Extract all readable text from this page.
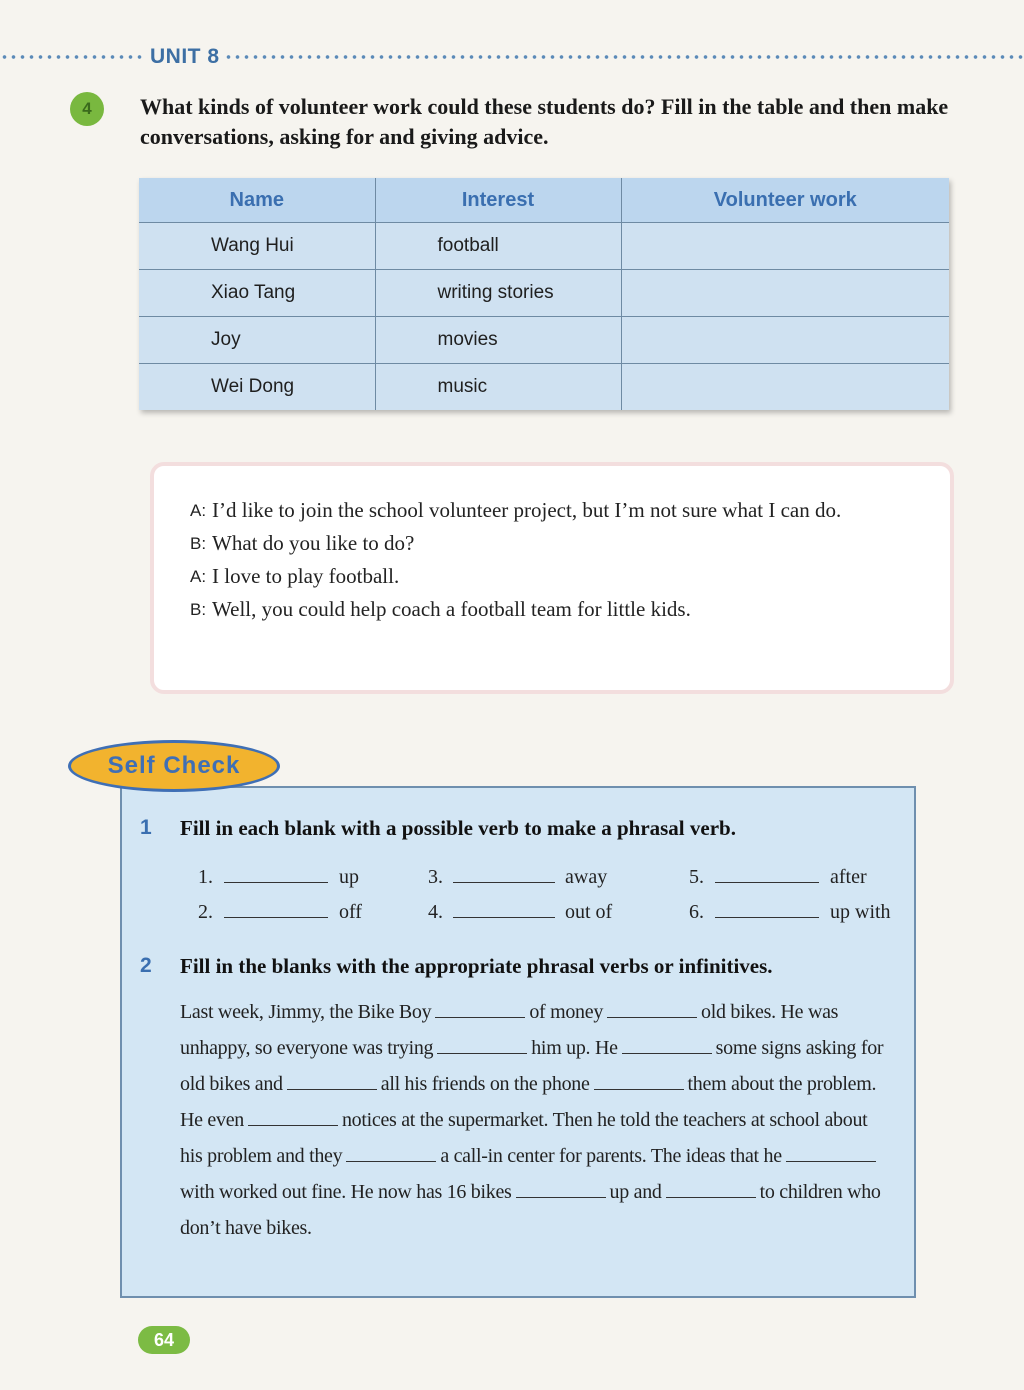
UNIT 8
4	What kinds of volunteer work could these students do? Fill in the table and then make conversations, asking for and giving advice.
Name	Interest	Volunteer work
Wang Hui	football	
Xiao Tang	writing stories	
Joy	movies	
Wei Dong	music	
A: I’d like to join the school volunteer project, but I’m not sure what I can do.
B: What do you like to do?
A: I love to play football.
B: Well, you could help coach a football team for little kids.
Self Check
1 Fill in each blank with a possible verb to make a phrasal verb.
1.	up
2.	off
3.	away
4.	out of
5.	after
6.	up with
2 Fill in the blanks with the appropriate phrasal verbs or infinitives.
Last week, Jimmy, the Bike Boy	of money	old bikes. He was unhappy, so everyone was trying	him up. He	some signs asking for old bikes and	all his friends on the phone	them about the problem. He even	notices at the supermarket. Then he told the teachers at school about his problem and they	a call-in center for parents. The ideas that hewith worked out fine. He now has 16 bikes	up and	to children who don’t have bikes.
64
